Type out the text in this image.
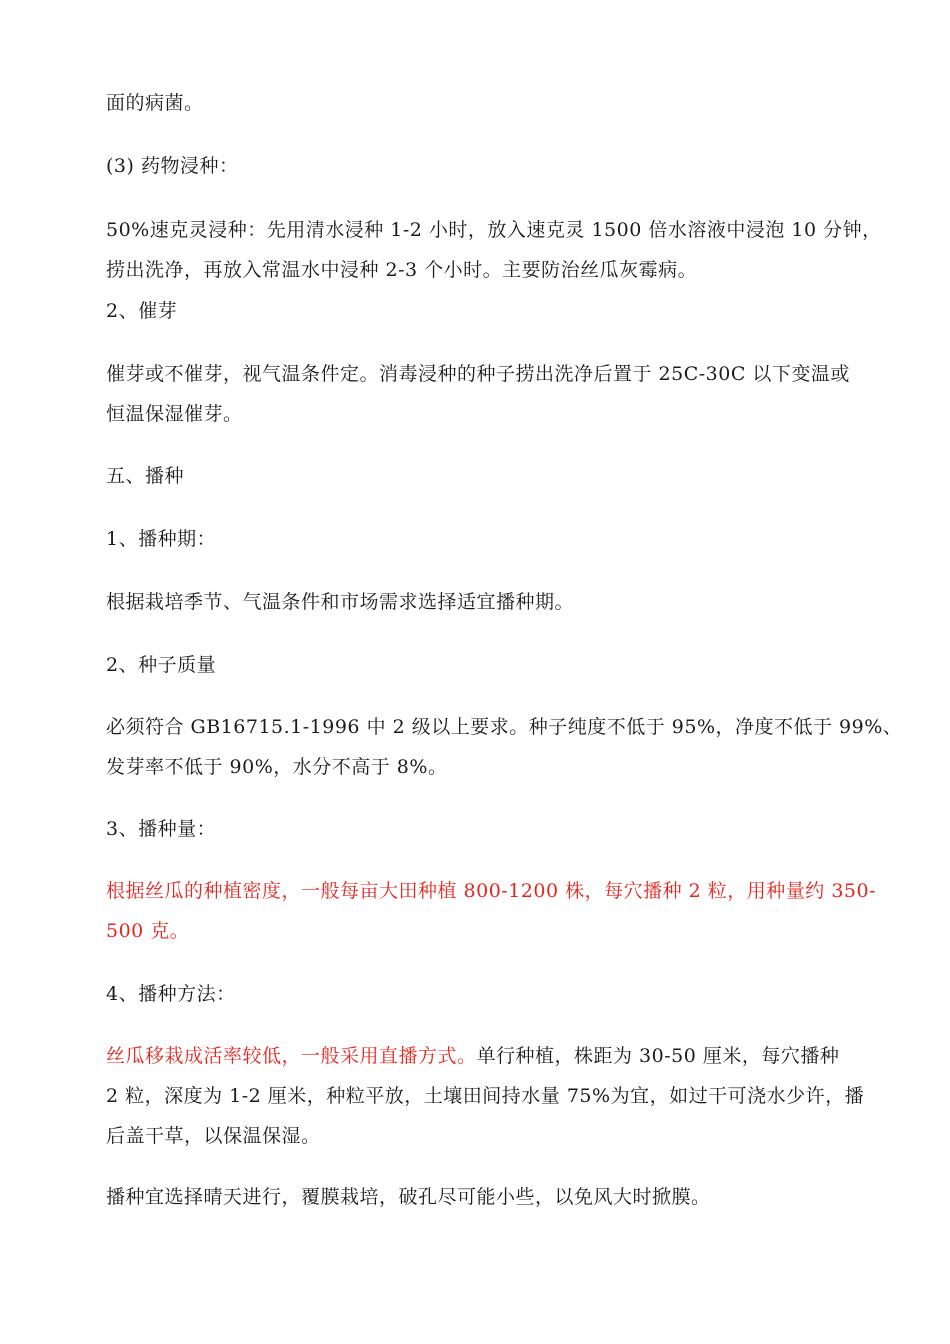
面的病菌。
(3) 药物浸种：
50%速克灵浸种：先用清水浸种 1-2 小时，放入速克灵 1500 倍水溶液中浸泡 10 分钟，
捞出洗净，再放入常温水中浸种 2-3 个小时。主要防治丝瓜灰霉病。
2、催芽
催芽或不催芽，视气温条件定。消毒浸种的种子捞出洗净后置于 25C-30C 以下变温或
恒温保湿催芽。
五、播种
1、播种期：
根据栽培季节、气温条件和市场需求选择适宜播种期。
2、种子质量
必须符合 GB16715.1-1996 中 2 级以上要求。种子纯度不低于 95%，净度不低于 99%、
发芽率不低于 90%，水分不高于 8%。
3、播种量：
根据丝瓜的种植密度，一般每亩大田种植 800-1200 株，每穴播种 2 粒，用种量约 350-
500 克。
4、播种方法：
丝瓜移栽成活率较低，一般采用直播方式。单行种植，株距为 30-50 厘米，每穴播种
2 粒，深度为 1-2 厘米，种粒平放，土壤田间持水量 75%为宜，如过干可浇水少许，播
后盖干草，以保温保湿。
播种宜选择晴天进行，覆膜栽培，破孔尽可能小些，以免风大时掀膜。
